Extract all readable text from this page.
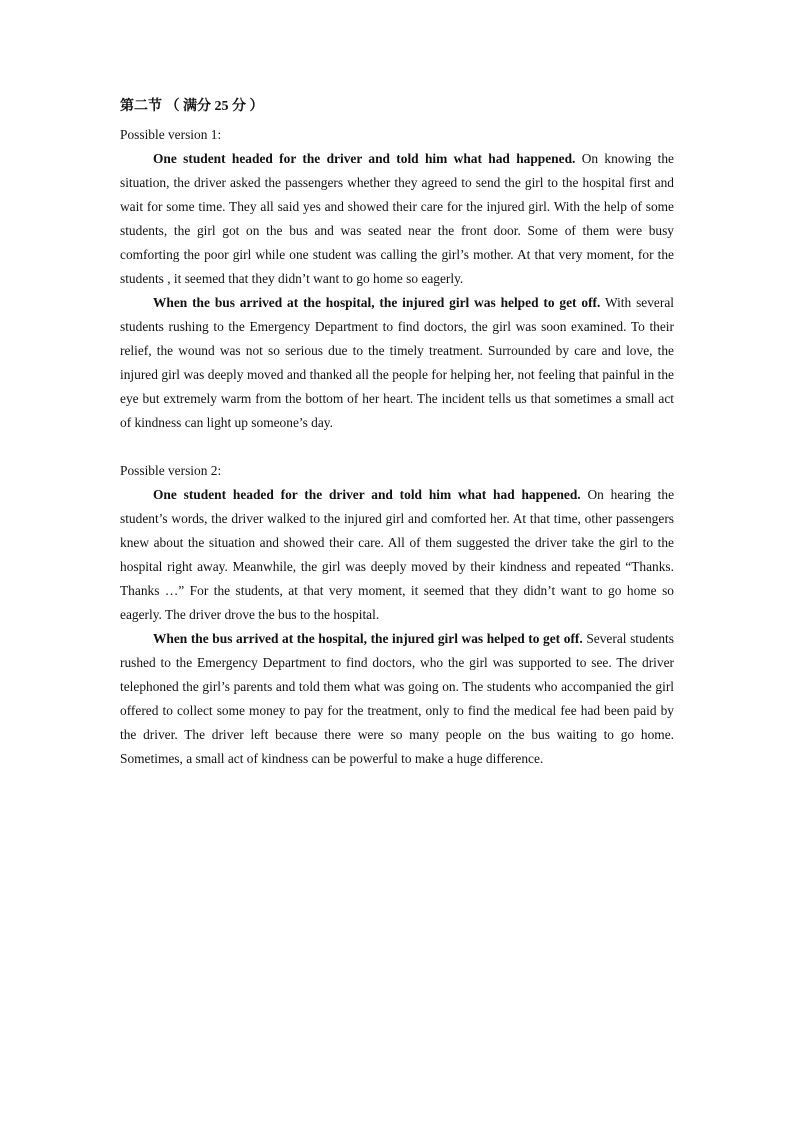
第二节 （ 满分 25 分 ）

Possible version 1:

One student headed for the driver and told him what had happened. On knowing the situation, the driver asked the passengers whether they agreed to send the girl to the hospital first and wait for some time. They all said yes and showed their care for the injured girl. With the help of some students, the girl got on the bus and was seated near the front door. Some of them were busy comforting the poor girl while one student was calling the girl’s mother. At that very moment, for the students , it seemed that they didn’t want to go home so eagerly.

When the bus arrived at the hospital, the injured girl was helped to get off. With several students rushing to the Emergency Department to find doctors, the girl was soon examined. To their relief, the wound was not so serious due to the timely treatment. Surrounded by care and love, the injured girl was deeply moved and thanked all the people for helping her, not feeling that painful in the eye but extremely warm from the bottom of her heart. The incident tells us that sometimes a small act of kindness can light up someone’s day.

Possible version 2:

One student headed for the driver and told him what had happened. On hearing the student’s words, the driver walked to the injured girl and comforted her. At that time, other passengers knew about the situation and showed their care. All of them suggested the driver take the girl to the hospital right away. Meanwhile, the girl was deeply moved by their kindness and repeated “Thanks. Thanks …” For the students, at that very moment, it seemed that they didn’t want to go home so eagerly. The driver drove the bus to the hospital.

When the bus arrived at the hospital, the injured girl was helped to get off. Several students rushed to the Emergency Department to find doctors, who the girl was supported to see. The driver telephoned the girl’s parents and told them what was going on. The students who accompanied the girl offered to collect some money to pay for the treatment, only to find the medical fee had been paid by the driver. The driver left because there were so many people on the bus waiting to go home. Sometimes, a small act of kindness can be powerful to make a huge difference.
